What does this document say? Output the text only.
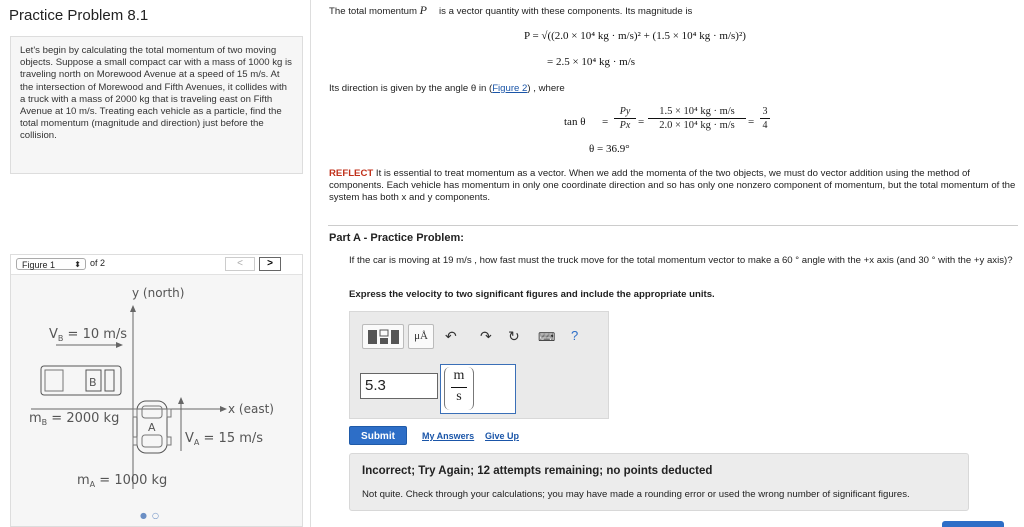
Practice Problem 8.1
Let's begin by calculating the total momentum of two moving objects. Suppose a small compact car with a mass of 1000 kg is traveling north on Morewood Avenue at a speed of 15 m/s. At the intersection of Morewood and Fifth Avenues, it collides with a truck with a mass of 2000 kg that is traveling east on Fifth Avenue at 10 m/s. Treating each vehicle as a particle, find the total momentum (magnitude and direction) just before the collision.
Figure 1 ⬍ of 2	<	>
y (north)
x (east)
B
$V_B = 10$ m/s
$m_B = 2000$ kg
A
$V_A = 15$ m/s
$m_A = 1000$ kg
● ○
The total momentum P⃗ is a vector quantity with these components. Its magnitude is
P = √((2.0 × 10⁴ kg · m/s)² + (1.5 × 10⁴ kg · m/s)²)
= 2.5 × 10⁴ kg · m/s
Its direction is given by the angle θ in (Figure 2) , where
tan θ =
Py
Px =
1.5 × 10⁴ kg · m/s
2.0 × 10⁴ kg · m/s	=
3
4
θ = 36.9°
REFLECT It is essential to treat momentum as a vector. When we add the momenta of the two objects, we must do vector addition using the method of components. Each vehicle has momentum in only one coordinate direction and so has only one nonzero component of momentum, but the total momentum of the system has both x and y components.
Part A - Practice Problem:
If the car is moving at 19 m/s , how fast must the truck move for the total momentum vector to make a 60 ° angle with the +x axis (and 30 ° with the +y axis)?
Express the velocity to two significant figures and include the appropriate units.
μÅ	↶ ↷ ↻ ⌨ ?
5.3
m
s
Submit	My Answers Give Up
Incorrect; Try Again; 12 attempts remaining; no points deducted
Not quite. Check through your calculations; you may have made a rounding error or used the wrong number of significant figures.
